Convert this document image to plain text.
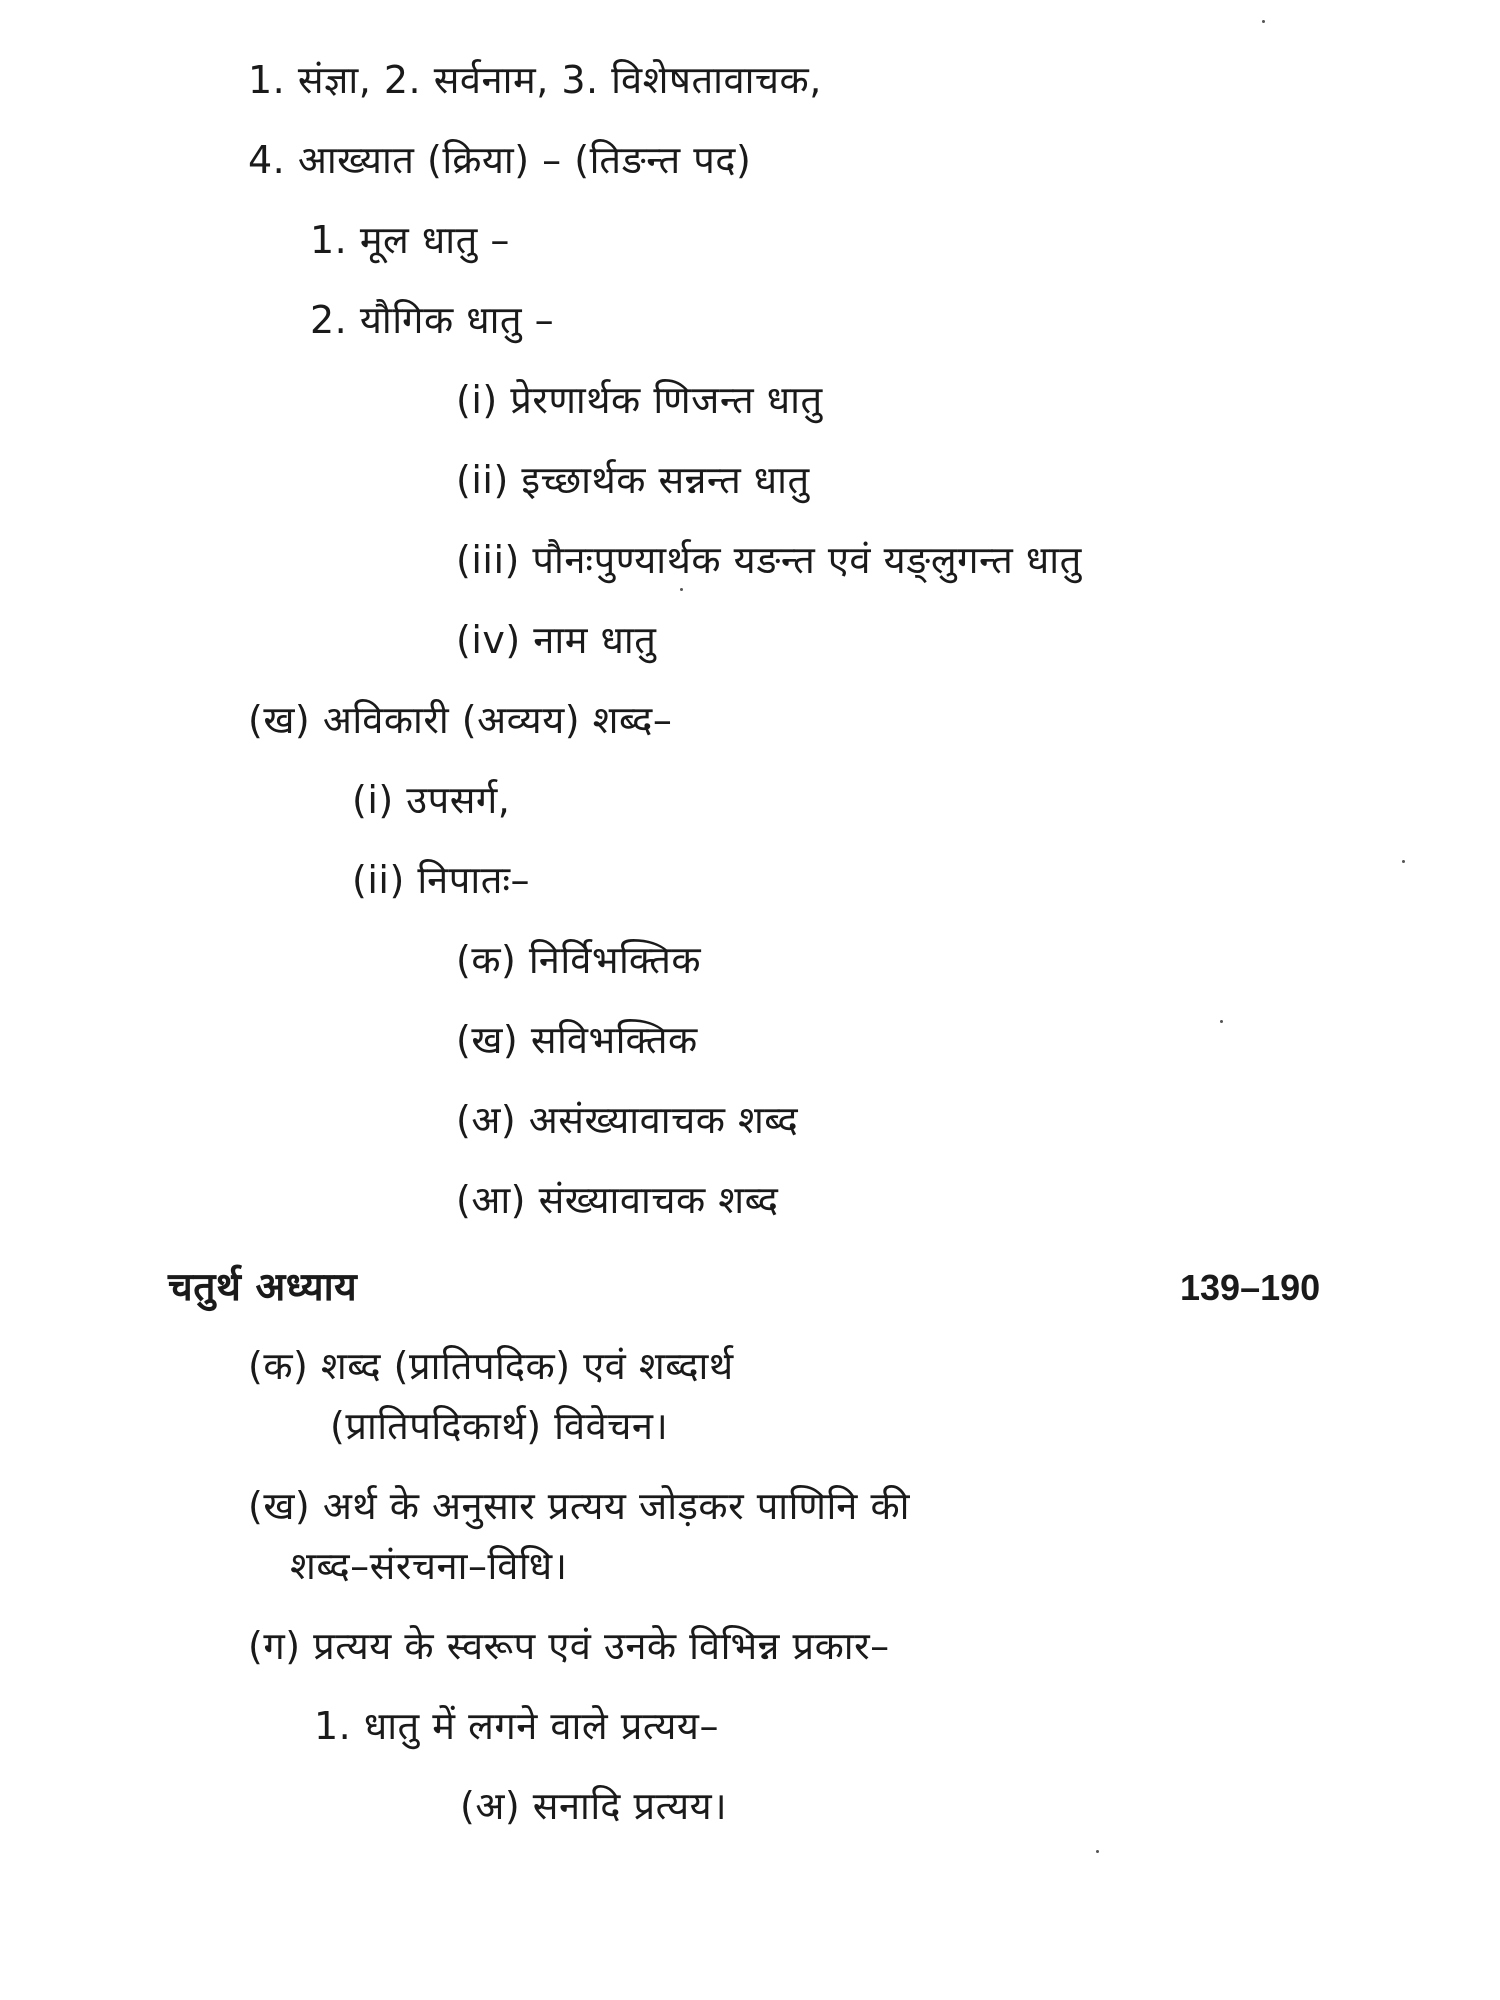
1. संज्ञा, 2. सर्वनाम, 3. विशेषतावाचक,
4. आख्यात (क्रिया) – (तिङन्त पद)
1. मूल धातु –
2. यौगिक धातु –
(i) प्रेरणार्थक णिजन्त धातु
(ii) इच्छार्थक सन्नन्त धातु
(iii) पौनःपुण्यार्थक यङन्त एवं यङ्लुगन्त धातु
(iv) नाम धातु
(ख) अविकारी (अव्यय) शब्द–
(i) उपसर्ग,
(ii) निपातः–
(क) निर्विभक्तिक
(ख) सविभक्तिक
(अ) असंख्यावाचक शब्द
(आ) संख्यावाचक शब्द
चतुर्थ अध्याय	139–190
(क) शब्द (प्रातिपदिक) एवं शब्दार्थ
(प्रातिपदिकार्थ) विवेचन।
(ख) अर्थ के अनुसार प्रत्यय जोड़कर पाणिनि की
शब्द–संरचना–विधि।
(ग) प्रत्यय के स्वरूप एवं उनके विभिन्न प्रकार–
1. धातु में लगने वाले प्रत्यय–
(अ) सनादि प्रत्यय।
